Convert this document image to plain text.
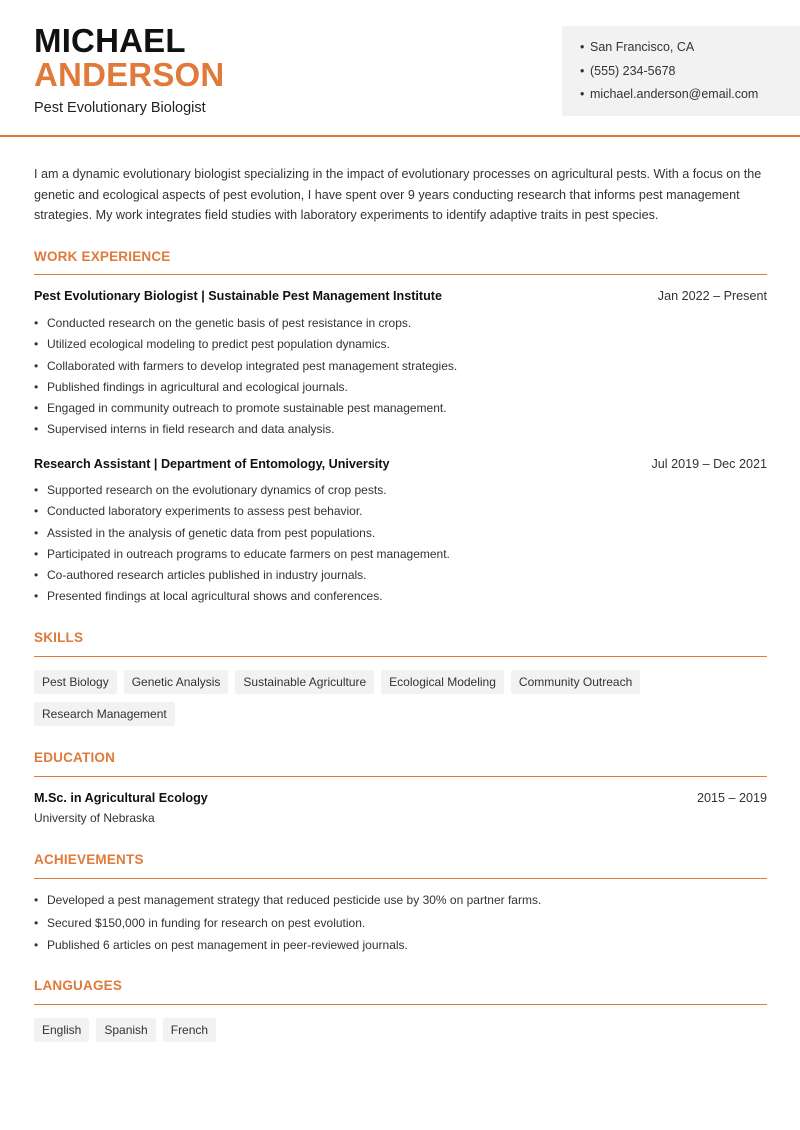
MICHAEL
ANDERSON
Pest Evolutionary Biologist
• San Francisco, CA
• (555) 234-5678
• michael.anderson@email.com

I am a dynamic evolutionary biologist specializing in the impact of evolutionary processes on agricultural pests. With a focus on the genetic and ecological aspects of pest evolution, I have spent over 9 years conducting research that informs pest management strategies. My work integrates field studies with laboratory experiments to identify adaptive traits in pest species.

WORK EXPERIENCE
Pest Evolutionary Biologist | Sustainable Pest Management Institute	Jan 2022 – Present
• Conducted research on the genetic basis of pest resistance in crops.
• Utilized ecological modeling to predict pest population dynamics.
• Collaborated with farmers to develop integrated pest management strategies.
• Published findings in agricultural and ecological journals.
• Engaged in community outreach to promote sustainable pest management.
• Supervised interns in field research and data analysis.
Research Assistant | Department of Entomology, University	Jul 2019 – Dec 2021
• Supported research on the evolutionary dynamics of crop pests.
• Conducted laboratory experiments to assess pest behavior.
• Assisted in the analysis of genetic data from pest populations.
• Participated in outreach programs to educate farmers on pest management.
• Co-authored research articles published in industry journals.
• Presented findings at local agricultural shows and conferences.
SKILLS
Pest Biology	Genetic Analysis	Sustainable Agriculture	Ecological Modeling	Community Outreach
Research Management
EDUCATION
M.Sc. in Agricultural Ecology	2015 – 2019
University of Nebraska
ACHIEVEMENTS
• Developed a pest management strategy that reduced pesticide use by 30% on partner farms.
• Secured $150,000 in funding for research on pest evolution.
• Published 6 articles on pest management in peer-reviewed journals.
LANGUAGES
English	Spanish	French
